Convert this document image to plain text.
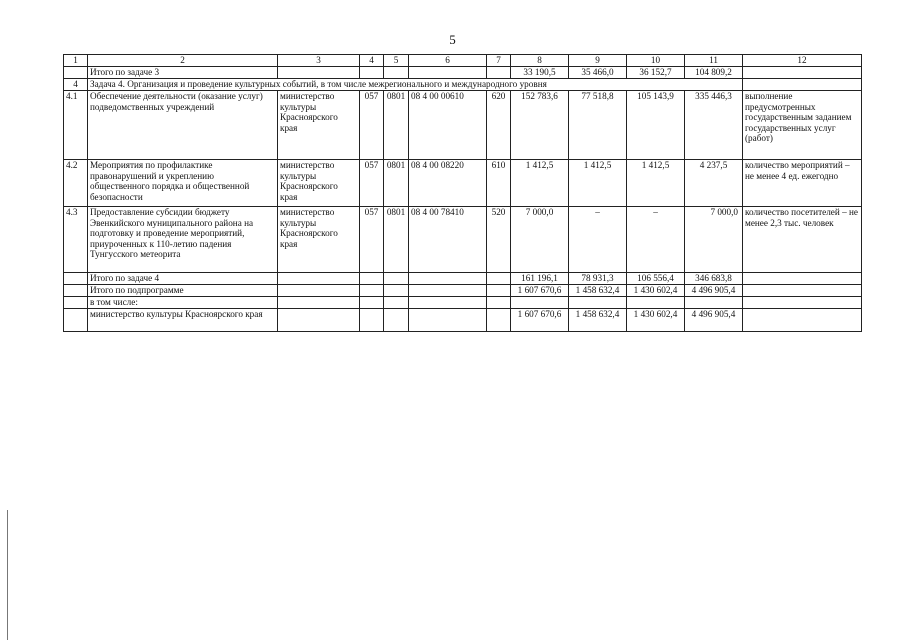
5
1	2	3	4	5	6	7	8	9	10	11	12
	Итого по задаче 3						33 190,5	35 466,0	36 152,7	104 809,2	
4	Задача 4. Организация и проведение культурных событий, в том числе межрегионального и международного уровня										
4.1	Обеспечение деятельности (оказание услуг) подведомственных учреждений	министерство культуры Красноярского края	057	0801	08 4 00 00610	620	152 783,6	77 518,8	105 143,9	335 446,3	выполнение предусмотренных государственным заданием государственных услуг (работ)
4.2	Мероприятия по профилактике правонарушений и укреплению общественного порядка и общественной безопасности	министерство культуры Красноярского края	057	0801	08 4 00 08220	610	1 412,5	1 412,5	1 412,5	4 237,5	количество мероприятий – не менее 4 ед. ежегодно
4.3	Предоставление субсидии бюджету Эвенкийского муниципального района на подготовку и проведение мероприятий, приуроченных к 110-летию падения Тунгусского метеорита	министерство культуры Красноярского края	057	0801	08 4 00 78410	520	7 000,0	–	–	7 000,0	количество посетителей – не менее 2,3 тыс. человек
	Итого по задаче 4						161 196,1	78 931,3	106 556,4	346 683,8	
	Итого по подпрограмме						1 607 670,6	1 458 632,4	1 430 602,4	4 496 905,4	
	в том числе:										
	министерство культуры Красноярского края						1 607 670,6	1 458 632,4	1 430 602,4	4 496 905,4	
